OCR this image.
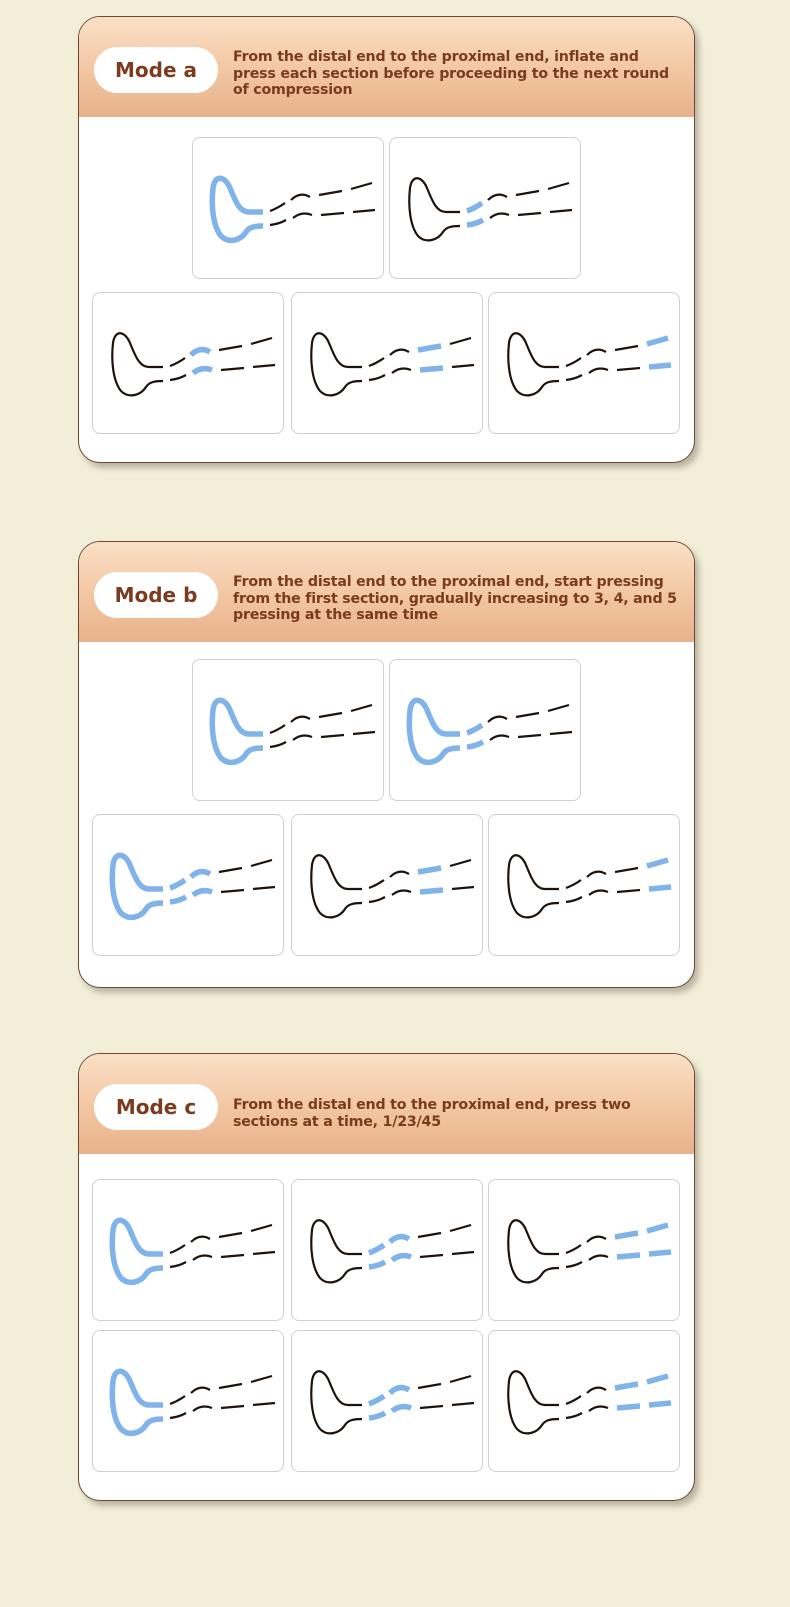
Mode a
From the distal end to the proximal end, inflate and press each section before proceeding to the next round of compression
Mode b
From the distal end to the proximal end, start pressing from the first section, gradually increasing to 3, 4, and 5 pressing at the same time
Mode c	From the distal end to the proximal end, press two sections at a time, 1/23/45
